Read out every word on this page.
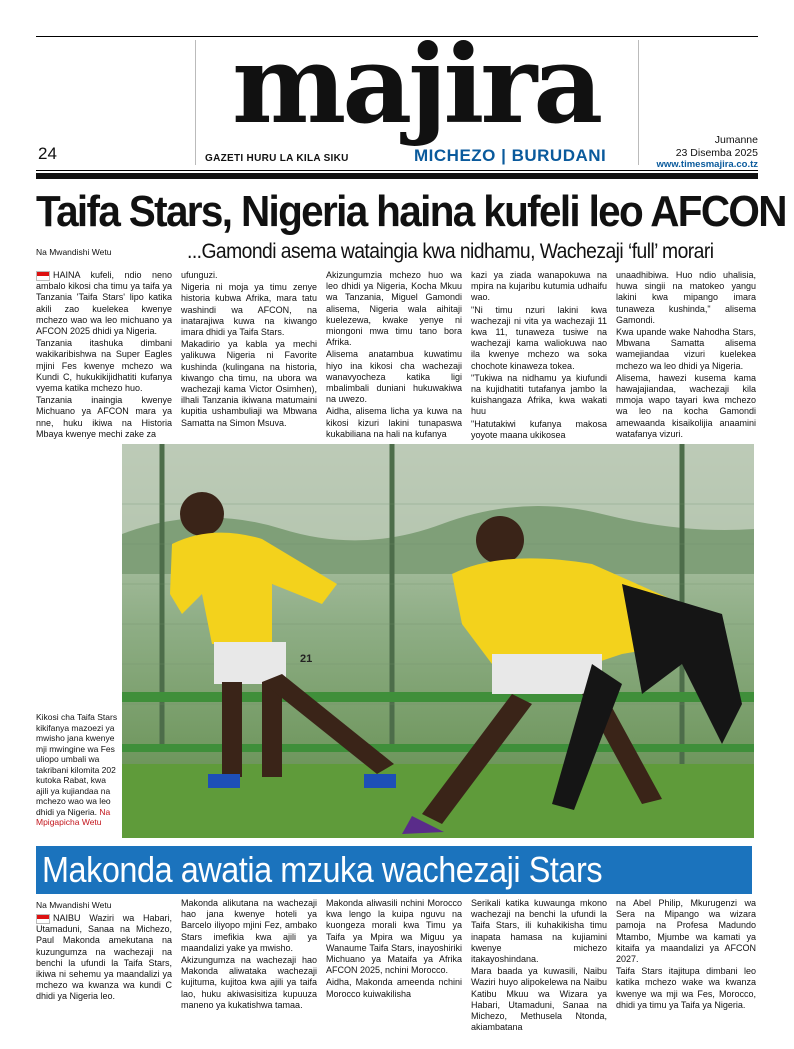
24	GAZETI HURU LA KILA SIKU
majira
MICHEZO | BURUDANI
Jumanne
23 Disemba 2025
www.timesmajira.co.tz
Taifa Stars, Nigeria haina kufeli leo AFCON
Na Mwandishi Wetu	...Gamondi asema wataingia kwa nidhamu, Wachezaji ‘full’ morari

HAINA kufeli, ndio neno ambalo kikosi cha timu ya taifa ya Tanzania 'Taifa Stars' lipo katika akili zao kuelekea kwenye mchezo wao wa leo michuano ya AFCON 2025 dhidi ya Nigeria.

Tanzania itashuka dimbani wakikaribishwa na Super Eagles mjini Fes kwenye mchezo wa Kundi C, hukukikijidhatiti kufanya vyema katika mchezo huo.

Tanzania inaingia kwenye Michuano ya AFCON mara ya nne, huku ikiwa na Historia Mbaya kwenye mechi zake za

ufunguzi.

Nigeria ni moja ya timu zenye historia kubwa Afrika, mara tatu washindi wa AFCON, na inatarajiwa kuwa na kiwango imara dhidi ya Taifa Stars.

Makadirio ya kabla ya mechi yalikuwa Nigeria ni Favorite kushinda (kulingana na historia, kiwango cha timu, na ubora wa wachezaji kama Victor Osimhen), ilhali Tanzania ikiwana matumaini kupitia ushambuliaji wa Mbwana Samatta na Simon Msuva.

Akizungumzia mchezo huo wa leo dhidi ya Nigeria, Kocha Mkuu wa Tanzania, Miguel Gamondi alisema, Nigeria wala aihitaji kuelezewa, kwake yenye ni miongoni mwa timu tano bora Afrika.

Alisema anatambua kuwatimu hiyo ina kikosi cha wachezaji wanavyocheza katika ligi mbalimbali duniani hukuwakiwa na uwezo.

Aidha, alisema licha ya kuwa na kikosi kizuri lakini tunapaswa kukabiliana na hali na kufanya

kazi ya ziada wanapokuwa na mpira na kujaribu kutumia udhaifu wao.

"Ni timu nzuri lakini kwa wachezaji ni vita ya wachezaji 11 kwa 11, tunaweza tusiwe na wachezaji kama waliokuwa nao ila kwenye mchezo wa soka chochote kinaweza tokea.

"Tukiwa na nidhamu ya kiufundi na kujidhatiti tutafanya jambo la kuishangaza Afrika, kwa wakati huu

"Hatutakiwi kufanya makosa yoyote maana ukikosea

unaadhibiwa. Huo ndio uhalisia, huwa singii na matokeo yangu lakini kwa mipango imara tunaweza kushinda," alisema Gamondi.

Kwa upande wake Nahodha Stars, Mbwana Samatta alisema wamejiandaa vizuri kuelekea mchezo wa leo dhidi ya Nigeria.

Alisema, hawezi kusema kama hawajajiandaa, wachezaji kila mmoja wapo tayari kwa mchezo wa leo na kocha Gamondi amewaanda kisaikolijia anaamini watafanya vizuri.

21
Kikosi cha Taifa Stars kikifanya mazoezi ya mwisho jana kwenye mji mwingine wa Fes uliopo umbali wa takribani kilomita 202 kutoka Rabat, kwa ajili ya kujiandaa na mchezo wao wa leo dhidi ya Nigeria. Na Mpigapicha Wetu
Makonda awatia mzuka wachezaji Stars
Na Mwandishi Wetu

NAIBU Waziri wa Habari, Utamaduni, Sanaa na Michezo, Paul Makonda amekutana na kuzungumza na wachezaji na benchi la ufundi la Taifa Stars, ikiwa ni sehemu ya maandalizi ya mchezo wa kwanza wa kundi C dhidi ya Nigeria leo.

Makonda alikutana na wachezaji hao jana kwenye hoteli ya Barcelo iliyopo mjini Fez, ambako Stars imefikia kwa ajili ya maandalizi yake ya mwisho.

Akizungumza na wachezaji hao Makonda aliwataka wachezaji kujituma, kujitoa kwa ajili ya taifa lao, huku akiwasisitiza kupuuza maneno ya kukatishwa tamaa.

Makonda aliwasili nchini Morocco kwa lengo la kuipa nguvu na kuongeza morali kwa Timu ya Taifa ya Mpira wa Miguu ya Wanaume Taifa Stars, inayoshiriki Michuano ya Mataifa ya Afrika AFCON 2025, nchini Morocco.

Aidha, Makonda ameenda nchini Morocco kuiwakilisha

Serikali katika kuwaunga mkono wachezaji na benchi la ufundi la Taifa Stars, ili kuhakikisha timu inapata hamasa na kujiamini kwenye michezo itakayoshindana.

Mara baada ya kuwasili, Naibu Waziri huyo alipokelewa na Naibu Katibu Mkuu wa Wizara ya Habari, Utamaduni, Sanaa na Michezo, Methusela Ntonda, akiambatana

na Abel Philip, Mkurugenzi wa Sera na Mipango wa wizara pamoja na Profesa Madundo Mtambo, Mjumbe wa kamati ya kitaifa ya maandalizi ya AFCON 2027.

Taifa Stars itajitupa dimbani leo katika mchezo wake wa kwanza kwenye wa mji wa Fes, Morocco, dhidi ya timu ya Taifa ya Nigeria.
